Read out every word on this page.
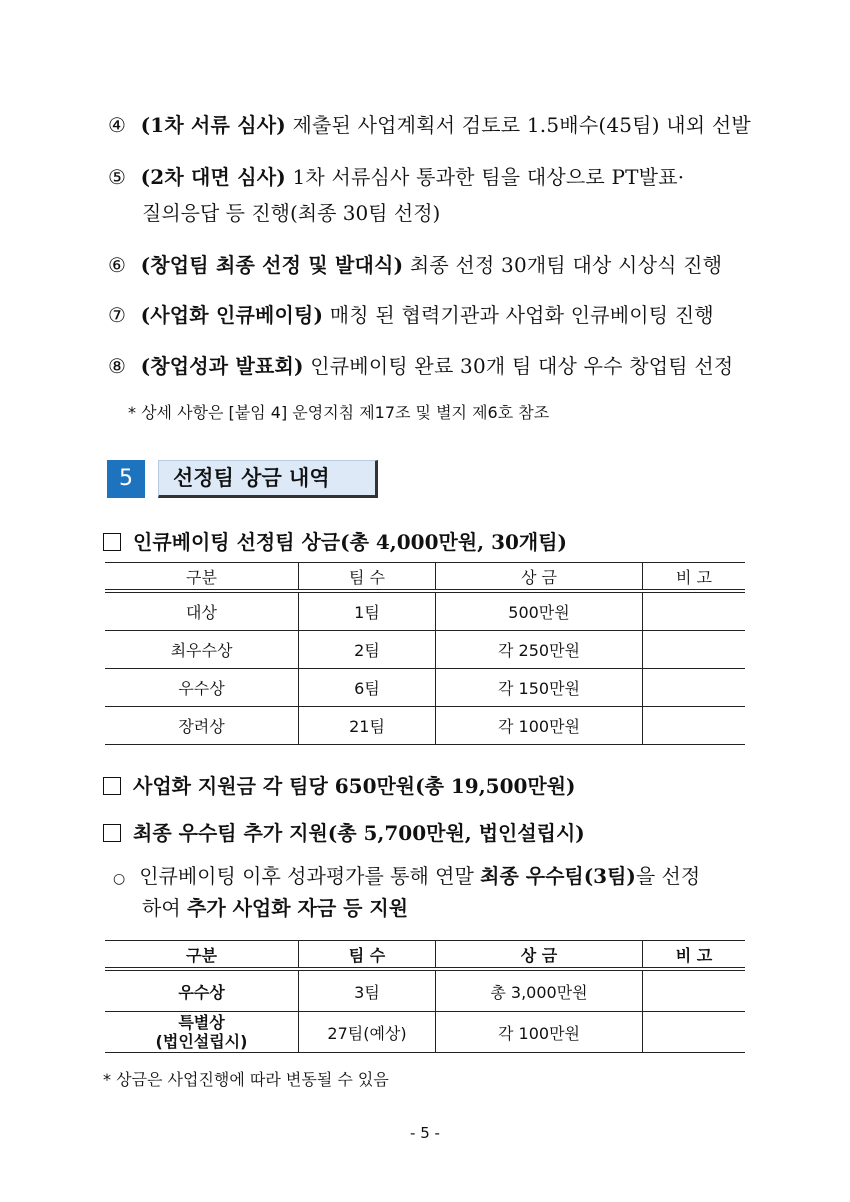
④ (1차 서류 심사) 제출된 사업계획서 검토로 1.5배수(45팀) 내외 선발
⑤ (2차 대면 심사) 1차 서류심사 통과한 팀을 대상으로 PT발표·
질의응답 등 진행(최종 30팀 선정)
⑥ (창업팀 최종 선정 및 발대식) 최종 선정 30개팀 대상 시상식 진행
⑦ (사업화 인큐베이팅) 매칭 된 협력기관과 사업화 인큐베이팅 진행
⑧ (창업성과 발표회) 인큐베이팅 완료 30개 팀 대상 우수 창업팀 선정
* 상세 사항은 [붙임 4] 운영지침 제17조 및 별지 제6호 참조
5	선정팀 상금 내역
인큐베이팅 선정팀 상금(총 4,000만원, 30개팀)
구분	팀 수	상 금	비 고
대상	1팀	500만원	
최우수상	2팀	각 250만원	
우수상	6팀	각 150만원	
장려상	21팀	각 100만원	
사업화 지원금 각 팀당 650만원(총 19,500만원)
최종 우수팀 추가 지원(총 5,700만원, 법인설립시)
○ 인큐베이팅 이후 성과평가를 통해 연말 최종 우수팀(3팀)을 선정
하여 추가 사업화 자금 등 지원
구분	팀 수	상 금	비 고
우수상	3팀	총 3,000만원	
특별상
(법인설립시)	27팀(예상)	각 100만원	
* 상금은 사업진행에 따라 변동될 수 있음
- 5 -
